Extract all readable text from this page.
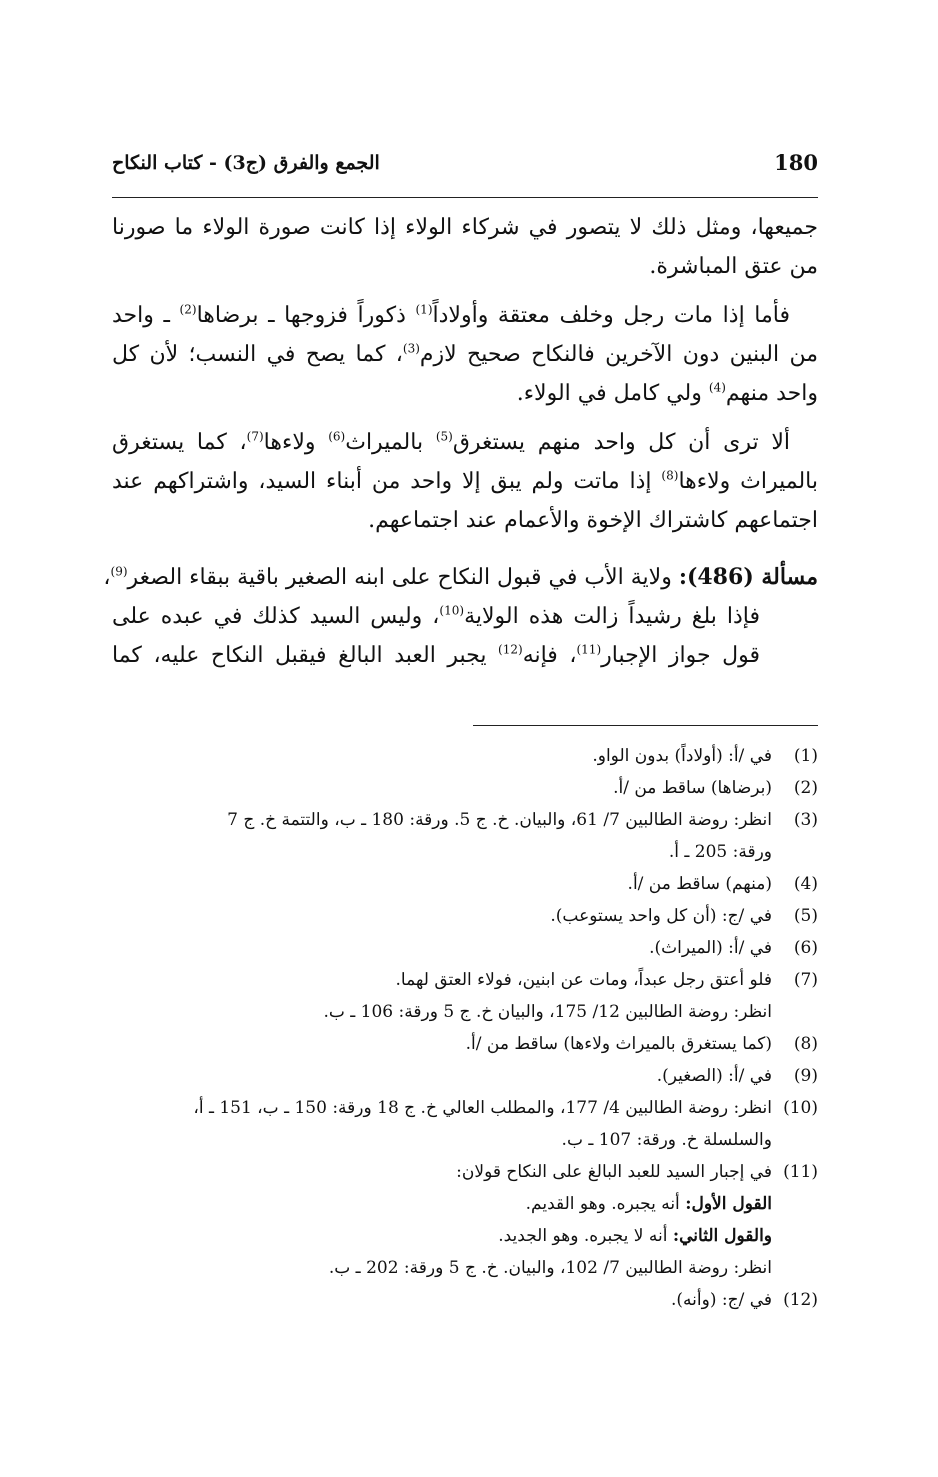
180
الجمع والفرق (ج3) - كتاب النكاح
جميعها، ومثل ذلك لا يتصور في شركاء الولاء إذا كانت صورة الولاء ما صورنا
من عتق المباشرة.
فأما إذا مات رجل وخلف معتقة وأولاداً$^{(1)}$ ذكوراً فزوجها ـ برضاها$^{(2)}$ ـ واحد
من البنين دون الآخرين فالنكاح صحيح لازم$^{(3)}$، كما يصح في النسب؛ لأن كل
واحد منهم$^{(4)}$ ولي كامل في الولاء.
ألا ترى أن كل واحد منهم يستغرق$^{(5)}$ بالميراث$^{(6)}$ ولاءها$^{(7)}$، كما يستغرق
بالميراث ولاءها$^{(8)}$ إذا ماتت ولم يبق إلا واحد من أبناء السيد، واشتراكهم عند
اجتماعهم كاشتراك الإخوة والأعمام عند اجتماعهم.
مسألة (486): ولاية الأب في قبول النكاح على ابنه الصغير باقية ببقاء الصغر$^{(9)}$،
فإذا بلغ رشيداً زالت هذه الولاية$^{(10)}$، وليس السيد كذلك في عبده على
قول جواز الإجبار$^{(11)}$، فإنه$^{(12)}$ يجبر العبد البالغ فيقبل النكاح عليه، كما
(1)
في /أ: (أولاداً) بدون الواو.
(2)
(برضاها) ساقط من /أ.
(3)
انظر: روضة الطالبين 7/ 61، والبيان. خ. ج 5. ورقة: 180 ـ ب، والتتمة خ. ج 7
ورقة: 205 ـ أ.
(4)
(منهم) ساقط من /أ.
(5)
في /ج: (أن كل واحد يستوعب).
(6)
في /أ: (الميراث).
(7)
فلو أعتق رجل عبداً، ومات عن ابنين، فولاء العتق لهما.
انظر: روضة الطالبين 12/ 175، والبيان خ. ج 5 ورقة: 106 ـ ب.
(8)
(كما يستغرق بالميراث ولاءها) ساقط من /أ.
(9)
في /أ: (الصغير).
(10)
انظر: روضة الطالبين 4/ 177، والمطلب العالي خ. ج 18 ورقة: 150 ـ ب، 151 ـ أ،
والسلسلة خ. ورقة: 107 ـ ب.
(11)
في إجبار السيد للعبد البالغ على النكاح قولان:
القول الأول: أنه يجبره. وهو القديم.
والقول الثاني: أنه لا يجبره. وهو الجديد.
انظر: روضة الطالبين 7/ 102، والبيان. خ. ج 5 ورقة: 202 ـ ب.
(12)
في /ج: (وأنه).
